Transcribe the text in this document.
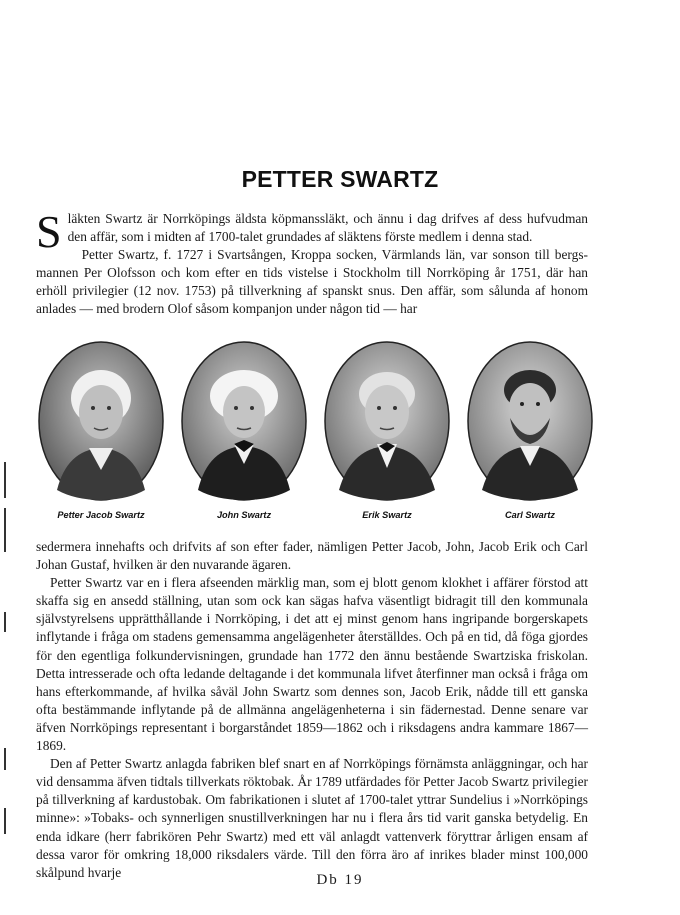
PETTER SWARTZ

Släkten Swartz är Norrköpings äldsta köpmanssläkt, och ännu i dag drifves af dess hufvudman den affär, som i midten af 1700-talet grundades af släktens förste medlem i denna stad.

Petter Swartz, f. 1727 i Svartsången, Kroppa socken, Värmlands län, var sonson till bergsmannen Per Olofsson och kom efter en tids vistelse i Stockholm till Norrköping år 1751, där han erhöll privilegier (12 nov. 1753) på tillverkning af spanskt snus. Den affär, som sålunda af honom anlades — med brodern Olof såsom kompanjon under någon tid — har

Petter Jacob Swartz	John Swartz	Erik Swartz	Carl Swartz

sedermera innehafts och drifvits af son efter fader, nämligen Petter Jacob, John, Jacob Erik och Carl Johan Gustaf, hvilken är den nuvarande ägaren.

Petter Swartz var en i flera afseenden märklig man, som ej blott genom klokhet i affärer förstod att skaffa sig en ansedd ställning, utan som ock kan sägas hafva väsentligt bidragit till den kommunala självstyrelsens upprätthållande i Norrköping, i det att ej minst genom hans ingripande borgerskapets inflytande i fråga om stadens gemensamma angelägenheter återställdes. Och på en tid, då föga gjordes för den egentliga folkundervisningen, grundade han 1772 den ännu bestående Swartziska friskolan. Detta intresserade och ofta ledande deltagande i det kommunala lifvet återfinner man också i fråga om hans efterkommande, af hvilka såväl John Swartz som dennes son, Jacob Erik, nådde till ett ganska ofta bestämmande inflytande på de allmänna angelägenheterna i sin fädernestad. Denne senare var äfven Norrköpings representant i borgarståndet 1859—1862 och i riksdagens andra kammare 1867—1869.

Den af Petter Swartz anlagda fabriken blef snart en af Norrköpings förnämsta anläggningar, och har vid densamma äfven tidtals tillverkats röktobak. År 1789 utfärdades för Petter Jacob Swartz privilegier på tillverkning af kardustobak. Om fabrikationen i slutet af 1700-talet yttrar Sundelius i »Norrköpings minne»: »Tobaks- och synnerligen snustillverkningen har nu i flera års tid varit ganska betydelig. En enda idkare (herr fabrikören Pehr Swartz) med ett väl anlagdt vattenverk föryttrar årligen ensam af dessa varor för omkring 18,000 riksdalers värde. Till den förra äro af inrikes blader minst 100,000 skålpund hvarje	Db 19
